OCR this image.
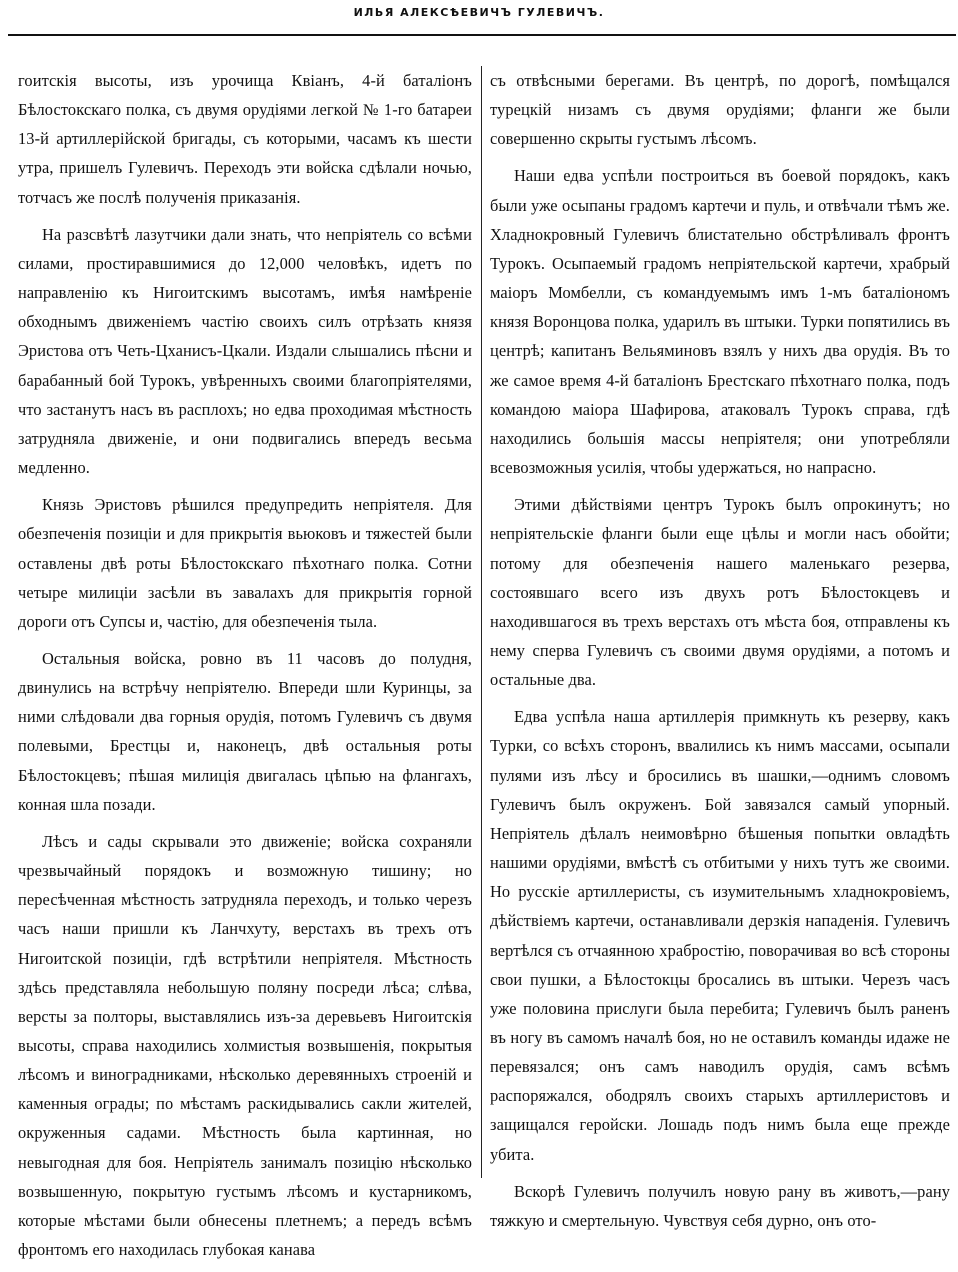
ИЛЬЯ АЛЕКСѢЕВИЧЪ ГУЛЕВИЧЪ.

гоитскія высоты, изъ урочища Квіанъ, 4-й баталіонъ Бѣлостокскаго полка, съ двумя орудіями легкой № 1-го батареи 13-й артиллерійской бригады, съ которыми, часамъ къ шести утра, пришелъ Гулевичъ. Переходъ эти войска сдѣлали ночью, тотчасъ же послѣ полученія приказанія.

На разсвѣтѣ лазутчики дали знать, что непріятель со всѣми силами, простиравшимися до 12,000 человѣкъ, идетъ по направленію къ Нигоитскимъ высотамъ, имѣя намѣреніе обходнымъ движеніемъ частію своихъ силъ отрѣзать князя Эристова отъ Четь-Цханисъ-Цкали. Издали слышались пѣсни и барабанный бой Турокъ, увѣренныхъ своими благопріятелями, что застанутъ насъ въ расплохъ; но едва проходимая мѣстность затрудняла движеніе, и они подвигались впередъ весьма медленно.

Князь Эристовъ рѣшился предупредить непріятеля. Для обезпеченія позиціи и для прикрытія вьюковъ и тяжестей были оставлены двѣ роты Бѣлостокскаго пѣхотнаго полка. Сотни четыре милиціи засѣли въ завалахъ для прикрытія горной дороги отъ Супсы и, частію, для обезпеченія тыла.

Остальныя войска, ровно въ 11 часовъ до полудня, двинулись на встрѣчу непріятелю. Впереди шли Куринцы, за ними слѣдовали два горныя орудія, потомъ Гулевичъ съ двумя полевыми, Брестцы и, наконецъ, двѣ остальныя роты Бѣлостокцевъ; пѣшая милиція двигалась цѣпью на флангахъ, конная шла позади.

Лѣсъ и сады скрывали это движеніе; войска сохраняли чрезвычайный порядокъ и возможную тишину; но пересѣченная мѣстность затрудняла переходъ, и только черезъ часъ наши пришли къ Ланчхуту, верстахъ въ трехъ отъ Нигоитской позиціи, гдѣ встрѣтили непріятеля. Мѣстность здѣсь представляла небольшую поляну посреди лѣса; слѣва, версты за полторы, выставлялись изъ-за деревьевъ Нигоитскія высоты, справа находились холмистыя возвышенія, покрытыя лѣсомъ и виноградниками, нѣсколько деревянныхъ строеній и каменныя ограды; по мѣстамъ раскидывались сакли жителей, окруженныя садами. Мѣстность была картинная, но невыгодная для боя. Непріятель занималъ позицію нѣсколько возвышенную, покрытую густымъ лѣсомъ и кустарникомъ, которые мѣстами были обнесены плетнемъ; а передъ всѣмъ фронтомъ его находилась глубокая канава

съ отвѣсными берегами. Въ центрѣ, по дорогѣ, помѣщался турецкій низамъ съ двумя орудіями; фланги же были совершенно скрыты густымъ лѣсомъ.

Наши едва успѣли построиться въ боевой порядокъ, какъ были уже осыпаны градомъ картечи и пуль, и отвѣчали тѣмъ же. Хладнокровный Гулевичъ блистательно обстрѣливалъ фронтъ Турокъ. Осыпаемый градомъ непріятельской картечи, храбрый маіоръ Момбелли, съ командуемымъ имъ 1-мъ баталіономъ князя Воронцова полка, ударилъ въ штыки. Турки попятились въ центрѣ; капитанъ Вельяминовъ взялъ у нихъ два орудія. Въ то же самое время 4-й баталіонъ Брестскаго пѣхотнаго полка, подъ командою маіора Шафирова, атаковалъ Турокъ справа, гдѣ находились большія массы непріятеля; они употребляли всевозможныя усилія, чтобы удержаться, но напрасно.

Этими дѣйствіями центръ Турокъ былъ опрокинутъ; но непріятельскіе фланги были еще цѣлы и могли насъ обойти; потому для обезпеченія нашего маленькаго резерва, состоявшаго всего изъ двухъ ротъ Бѣлостокцевъ и находившагося въ трехъ верстахъ отъ мѣста боя, отправлены къ нему сперва Гулевичъ съ своими двумя орудіями, а потомъ и остальные два.

Едва успѣла наша артиллерія примкнуть къ резерву, какъ Турки, со всѣхъ сторонъ, ввалились къ нимъ массами, осыпали пулями изъ лѣсу и бросились въ шашки,—однимъ словомъ Гулевичъ былъ окруженъ. Бой завязался самый упорный. Непріятель дѣлалъ неимовѣрно бѣшеныя попытки овладѣть нашими орудіями, вмѣстѣ съ отбитыми у нихъ тутъ же своими. Но русскіе артиллеристы, съ изумительнымъ хладнокровіемъ, дѣйствіемъ картечи, останавливали дерзкія нападенія. Гулевичъ вертѣлся съ отчаянною храбростію, поворачивая во всѣ стороны свои пушки, а Бѣлостокцы бросались въ штыки. Черезъ часъ уже половина прислуги была перебита; Гулевичъ былъ раненъ въ ногу въ самомъ началѣ боя, но не оставилъ команды идаже не перевязался; онъ самъ наводилъ орудія, самъ всѣмъ распоряжался, ободрялъ своихъ старыхъ артиллеристовъ и защищался геройски. Лошадь подъ нимъ была еще прежде убита.

Вскорѣ Гулевичъ получилъ новую рану въ животъ,—рану тяжкую и смертельную. Чувствуя себя дурно, онъ ото-
